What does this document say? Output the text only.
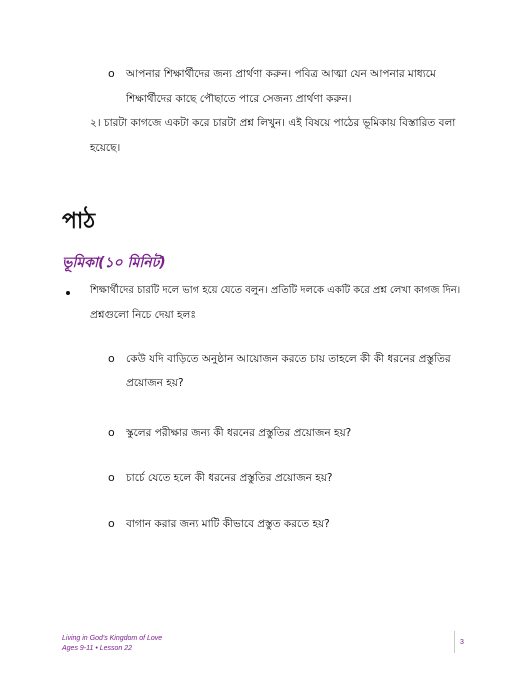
o আপনার শিক্ষার্থীদের জন্য প্রার্থণা করুন। পবিত্র আত্মা যেন আপনার মাধ্যমে
শিক্ষার্থীদের কাছে পৌছাতে পারে সেজন্য প্রার্থণা করুন।
২। চারটা কাগজে একটা করে চারটা প্রশ্ন লিখুন। এই বিষয়ে পাঠের ভূমিকায় বিস্তারিত বলা
হয়েছে।
পাঠ
ভূমিকা(১০ মিনিট)
শিক্ষার্থীদের চারটি দলে ভাগ হয়ে যেতে বলুন। প্রতিটি দলকে একটি করে প্রশ্ন লেখা কাগজ দিন।
প্রশ্নগুলো নিচে দেয়া হলঃ
o কেউ যদি বাড়িতে অনুষ্ঠান আয়োজন করতে চায় তাহলে কী কী ধরনের প্রস্তুতির
প্রয়োজন হয়?
o স্কুলের পরীক্ষার জন্য কী ধরনের প্রস্তুতির প্রয়োজন হয়?
o চার্চে যেতে হলে কী ধরনের প্রস্তুতির প্রয়োজন হয়?
o বাগান করার জন্য মাটি কীভাবে প্রস্তুত করতে হয়?
Living in God's Kingdom of Love
Ages 9-11 • Lesson 22
3
